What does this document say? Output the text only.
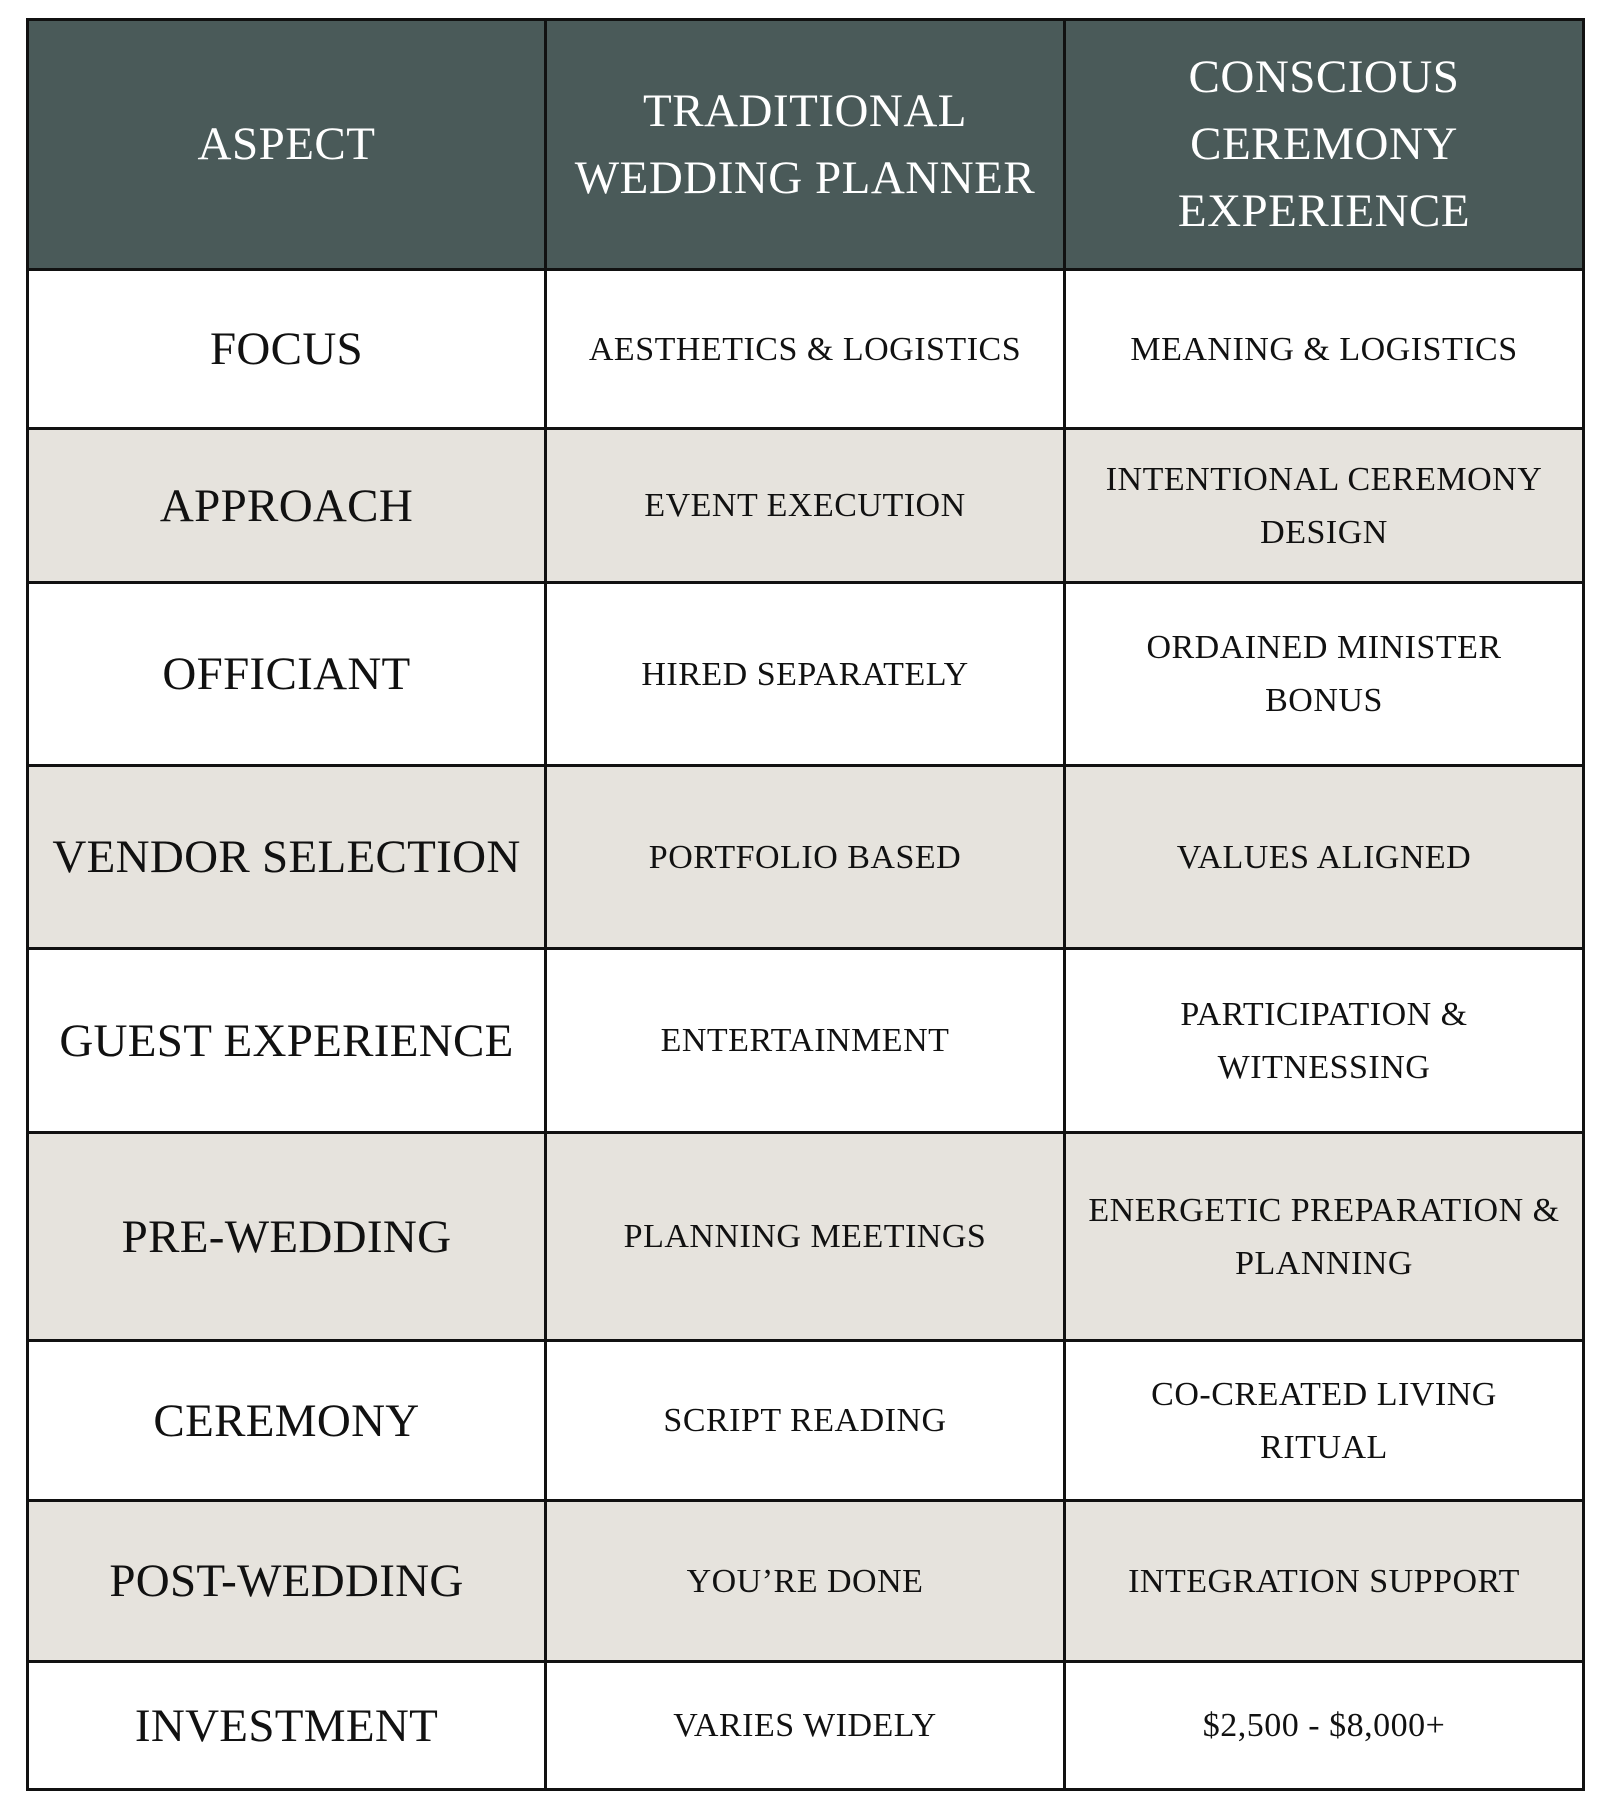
ASPECT	TRADITIONAL WEDDING PLANNER	CONSCIOUS CEREMONY EXPERIENCE
FOCUS	AESTHETICS & LOGISTICS	MEANING & LOGISTICS
APPROACH	EVENT EXECUTION	INTENTIONAL CEREMONY DESIGN
OFFICIANT	HIRED SEPARATELY	ORDAINED MINISTER BONUS
VENDOR SELECTION	PORTFOLIO BASED	VALUES ALIGNED
GUEST EXPERIENCE	ENTERTAINMENT	PARTICIPATION & WITNESSING
PRE-WEDDING	PLANNING MEETINGS	ENERGETIC PREPARATION & PLANNING
CEREMONY	SCRIPT READING	CO-CREATED LIVING RITUAL
POST-WEDDING	YOU’RE DONE	INTEGRATION SUPPORT
INVESTMENT	VARIES WIDELY	$2,500 - $8,000+
